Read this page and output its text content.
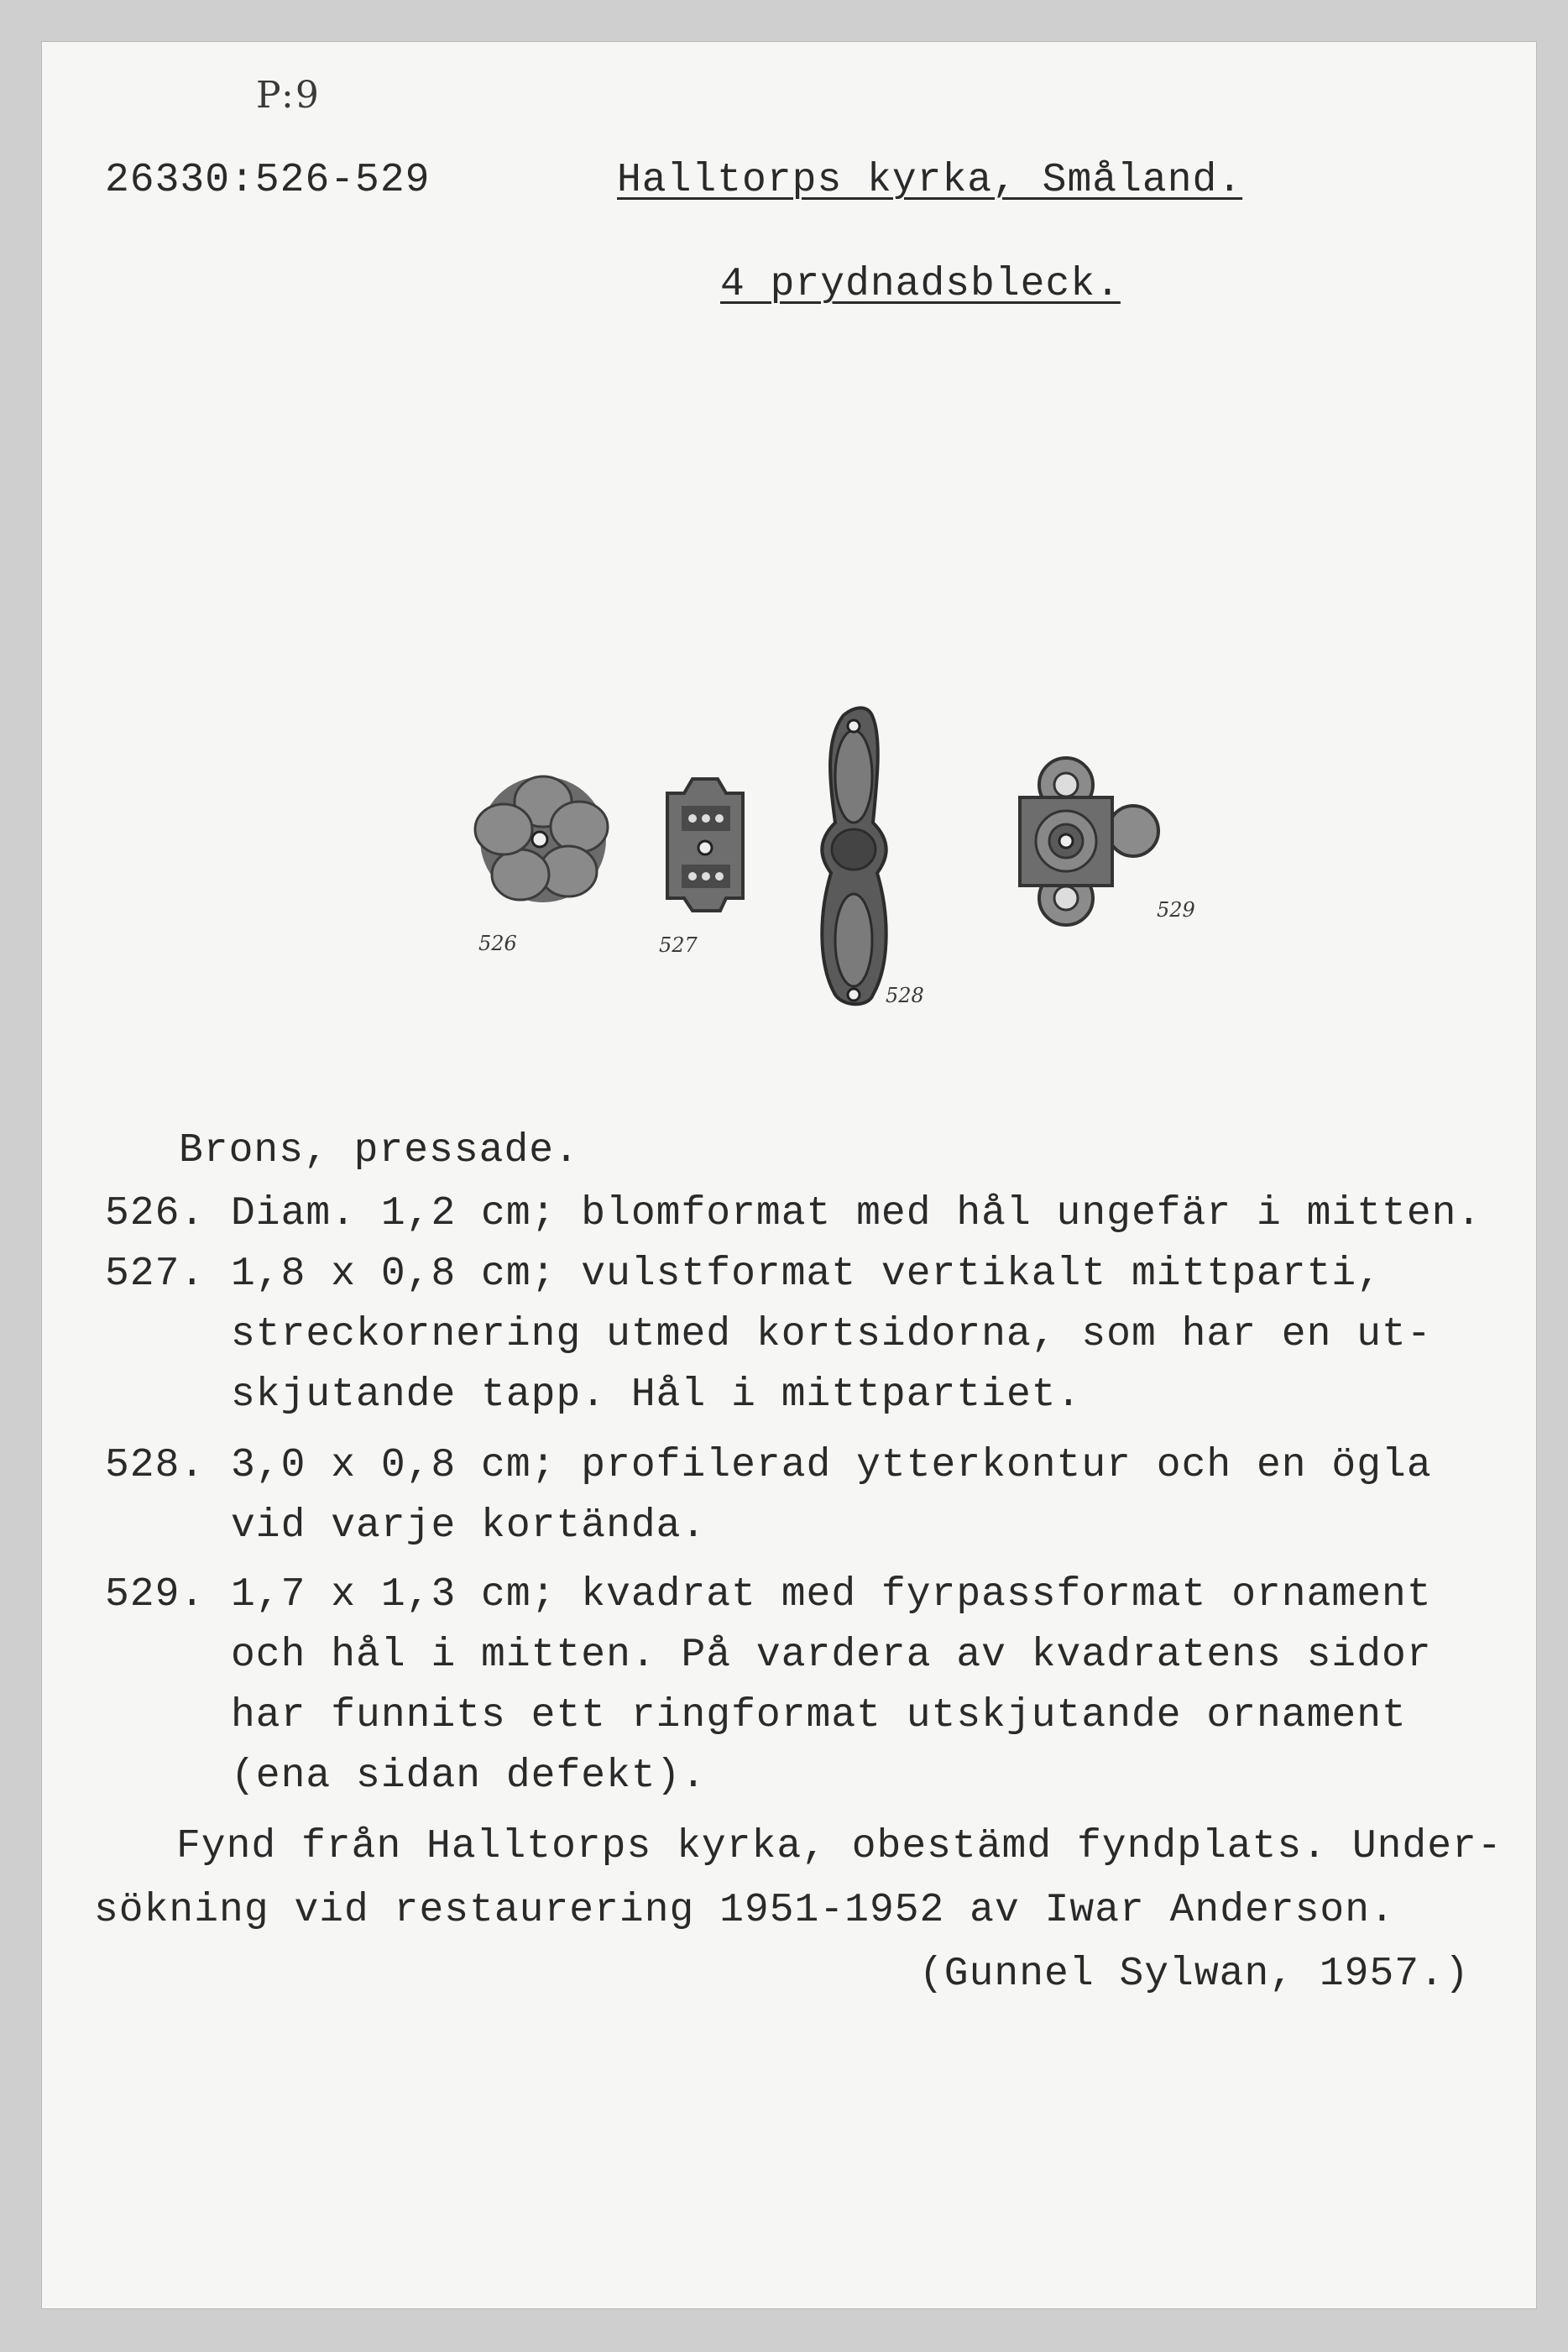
P:9
26330:526-529	Halltorps kyrka, Småland.
4 prydnadsbleck.
526	527
528
529
Brons, pressade.
526. Diam. 1,2 cm; blomformat med hål ungefär i mitten.
527. 1,8 x 0,8 cm; vulstformat vertikalt mittparti,
streckornering utmed kortsidorna, som har en ut-
skjutande tapp. Hål i mittpartiet.
528. 3,0 x 0,8 cm; profilerad ytterkontur och en ögla
vid varje kortända.
529. 1,7 x 1,3 cm; kvadrat med fyrpassformat ornament
och hål i mitten. På vardera av kvadratens sidor
har funnits ett ringformat utskjutande ornament
(ena sidan defekt).
Fynd från Halltorps kyrka, obestämd fyndplats. Under-
sökning vid restaurering 1951-1952 av Iwar Anderson.
(Gunnel Sylwan, 1957.)
